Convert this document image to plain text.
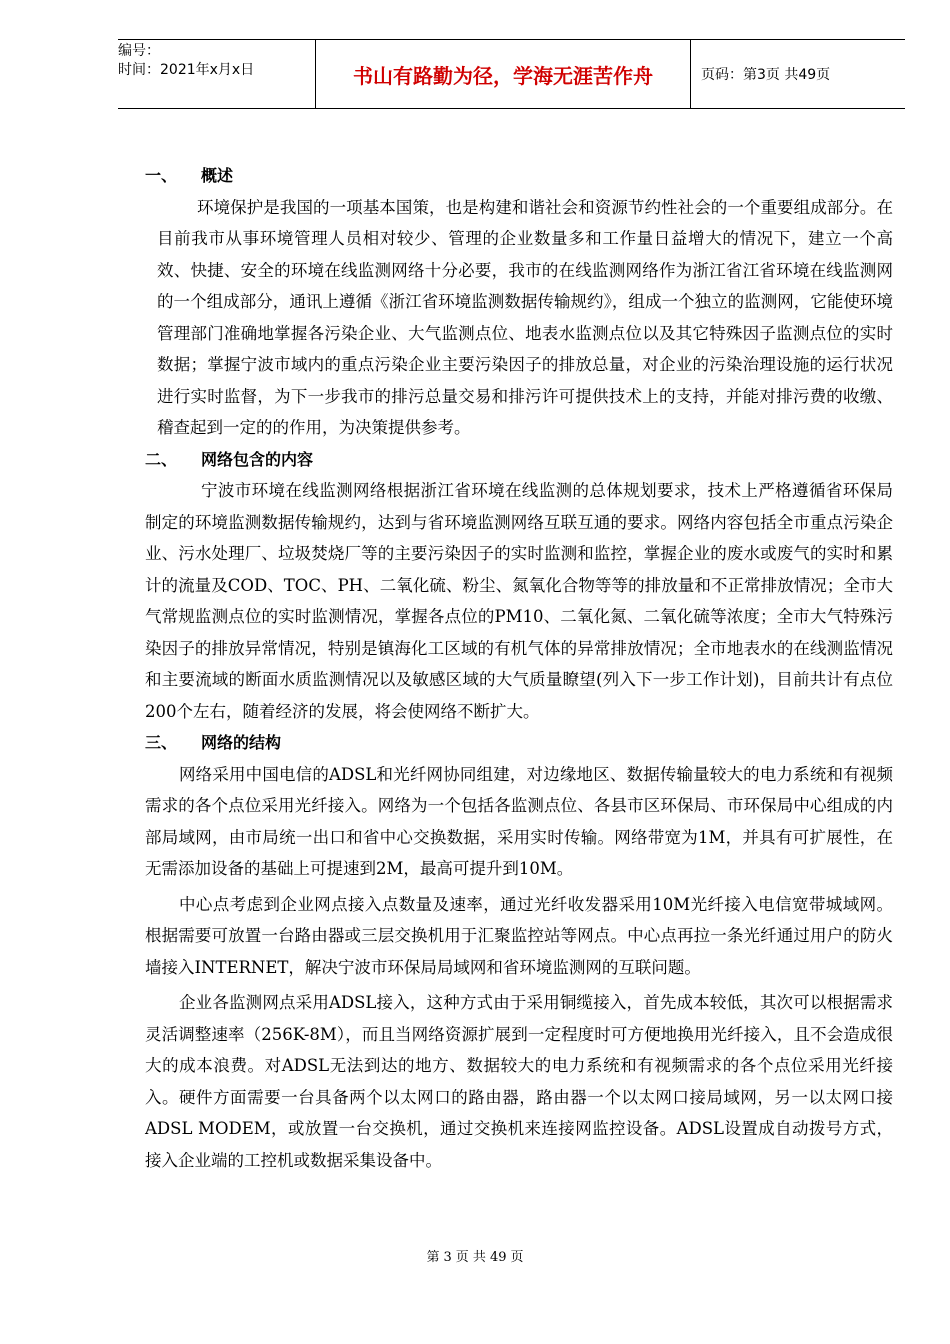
编号：
时间：2021年x月x日	书山有路勤为径，学海无涯苦作舟	页码：第3页 共49页
一、	概述

环境保护是我国的一项基本国策，也是构建和谐社会和资源节约性社会的一个重要组成部分。在目前我市从事环境管理人员相对较少、管理的企业数量多和工作量日益增大的情况下，建立一个高效、快捷、安全的环境在线监测网络十分必要，我市的在线监测网络作为浙江省江省环境在线监测网的一个组成部分，通讯上遵循《浙江省环境监测数据传输规约》，组成一个独立的监测网，它能使环境管理部门准确地掌握各污染企业、大气监测点位、地表水监测点位以及其它特殊因子监测点位的实时数据；掌握宁波市域内的重点污染企业主要污染因子的排放总量，对企业的污染治理设施的运行状况进行实时监督，为下一步我市的排污总量交易和排污许可提供技术上的支持，并能对排污费的收缴、稽查起到一定的的作用，为决策提供参考。

二、	网络包含的内容

宁波市环境在线监测网络根据浙江省环境在线监测的总体规划要求，技术上严格遵循省环保局制定的环境监测数据传输规约，达到与省环境监测网络互联互通的要求。网络内容包括全市重点污染企业、污水处理厂、垃圾焚烧厂等的主要污染因子的实时监测和监控，掌握企业的废水或废气的实时和累计的流量及COD、TOC、PH、二氧化硫、粉尘、氮氧化合物等等的排放量和不正常排放情况；全市大气常规监测点位的实时监测情况，掌握各点位的PM10、二氧化氮、二氧化硫等浓度；全市大气特殊污染因子的排放异常情况，特别是镇海化工区域的有机气体的异常排放情况；全市地表水的在线测监情况和主要流域的断面水质监测情况以及敏感区域的大气质量瞭望(列入下一步工作计划)，目前共计有点位200个左右，随着经济的发展，将会使网络不断扩大。

三、	网络的结构

网络采用中国电信的ADSL和光纤网协同组建，对边缘地区、数据传输量较大的电力系统和有视频需求的各个点位采用光纤接入。网络为一个包括各监测点位、各县市区环保局、市环保局中心组成的内部局域网，由市局统一出口和省中心交换数据，采用实时传输。网络带宽为1M，并具有可扩展性，在无需添加设备的基础上可提速到2M，最高可提升到10M。

中心点考虑到企业网点接入点数量及速率，通过光纤收发器采用10M光纤接入电信宽带城域网。根据需要可放置一台路由器或三层交换机用于汇聚监控站等网点。中心点再拉一条光纤通过用户的防火墙接入INTERNET，解决宁波市环保局局域网和省环境监测网的互联问题。

企业各监测网点采用ADSL接入，这种方式由于采用铜缆接入，首先成本较低，其次可以根据需求灵活调整速率（256K-8M），而且当网络资源扩展到一定程度时可方便地换用光纤接入，且不会造成很大的成本浪费。对ADSL无法到达的地方、数据较大的电力系统和有视频需求的各个点位采用光纤接入。硬件方面需要一台具备两个以太网口的路由器，路由器一个以太网口接局域网，另一以太网口接ADSL MODEM，或放置一台交换机，通过交换机来连接网监控设备。ADSL设置成自动拨号方式，接入企业端的工控机或数据采集设备中。

第 3 页 共 49 页
